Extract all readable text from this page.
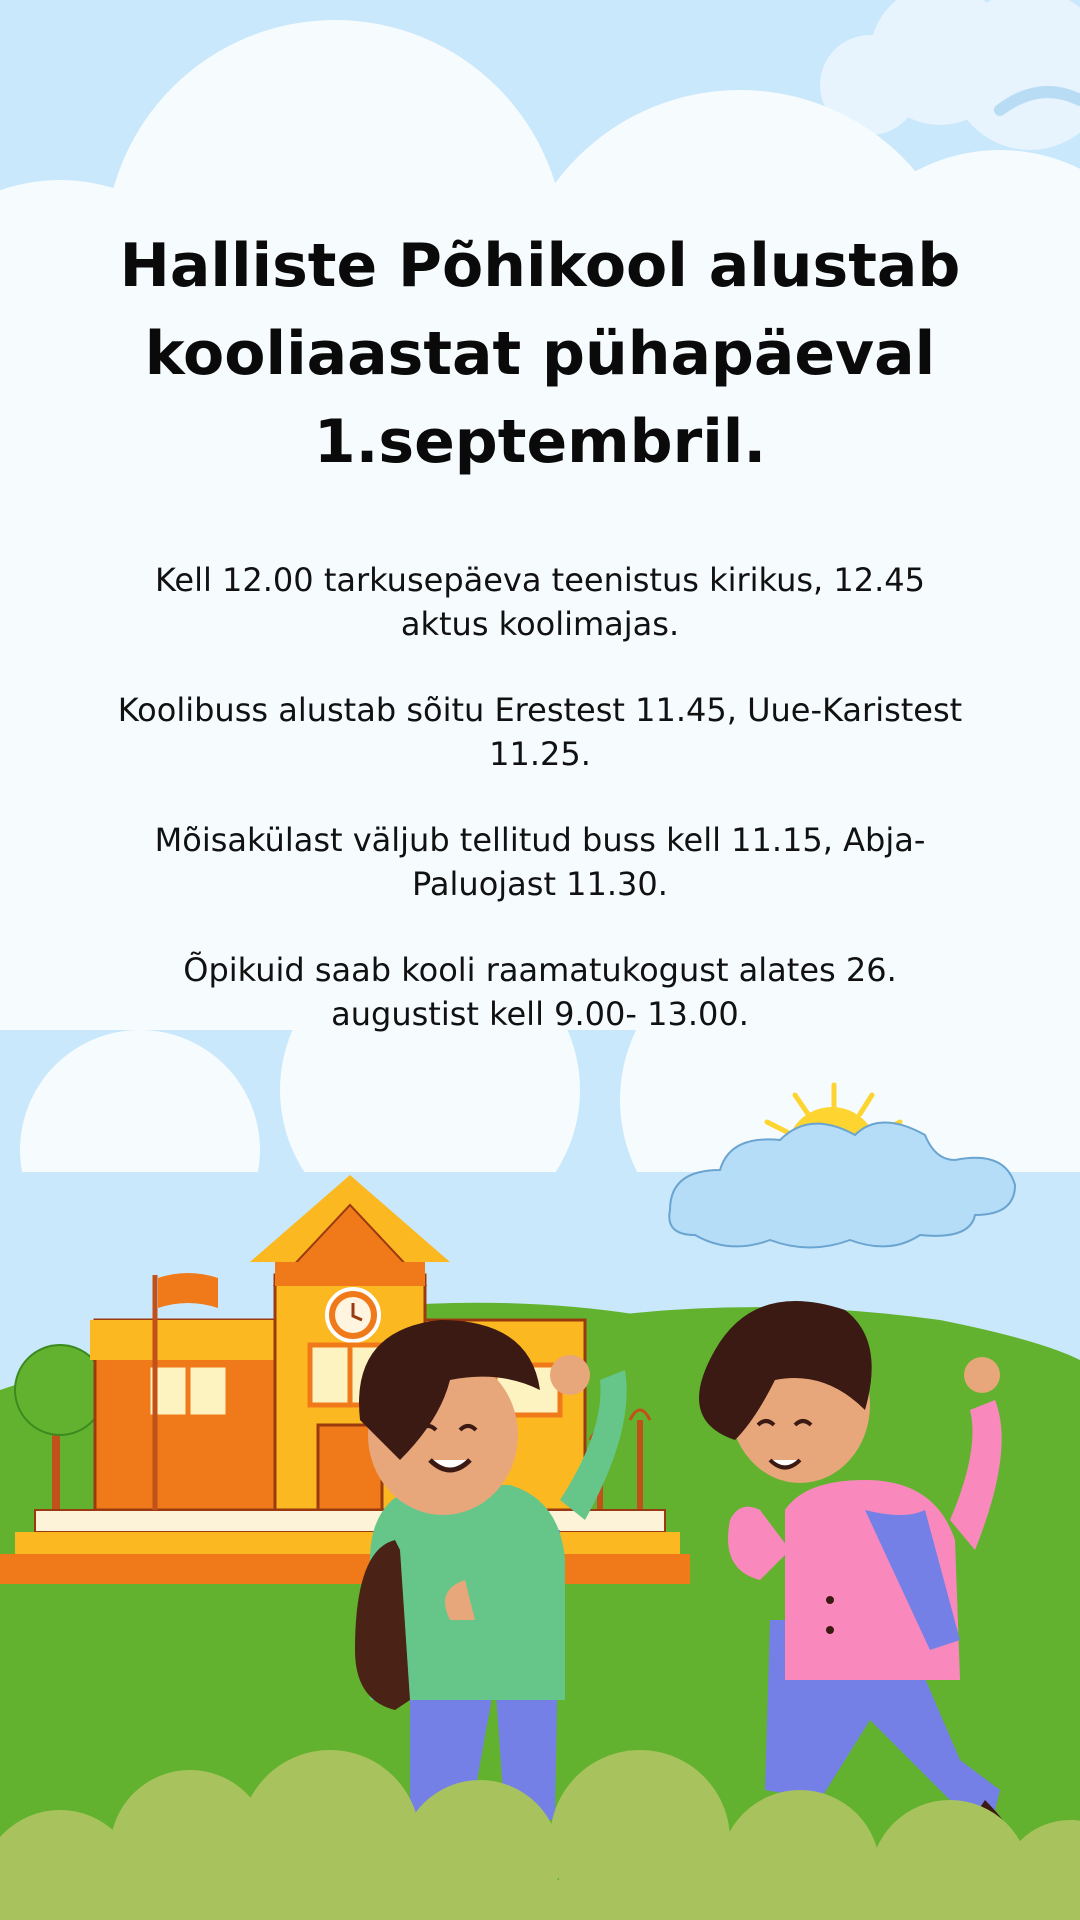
Halliste Põhikool alustab kooliaastat pühapäeval 1.septembril.

Kell 12.00 tarkusepäeva teenistus kirikus, 12.45 aktus koolimajas.

Koolibuss alustab sõitu Erestest 11.45, Uue-Karistest 11.25.

Mõisakülast väljub tellitud buss kell 11.15, Abja-Paluojast 11.30.

Õpikuid saab kooli raamatukogust alates 26. augustist kell 9.00- 13.00.
